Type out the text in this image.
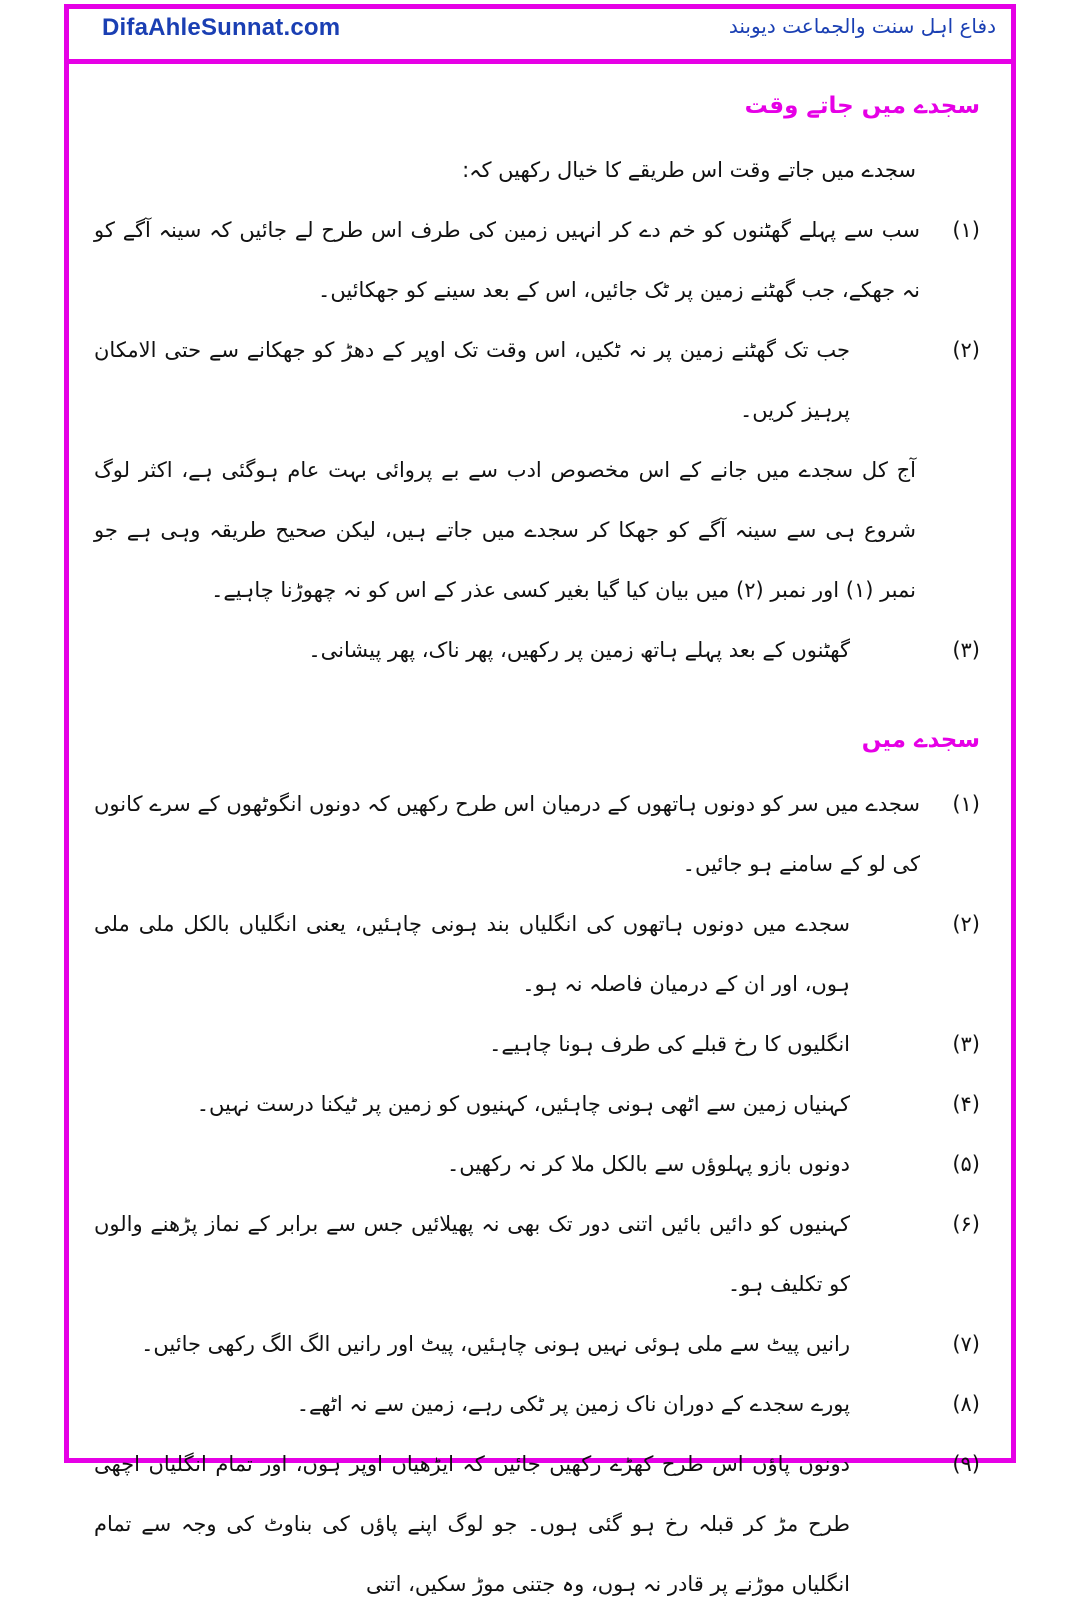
DifaAhleSunnat.com	دفاع اہل سنت والجماعت دیوبند
سجدے میں جاتے وقت

سجدے میں جاتے وقت اس طریقے کا خیال رکھیں کہ:

(۱)
سب سے پہلے گھٹنوں کو خم دے کر انہیں زمین کی طرف اس طرح لے جائیں کہ سینہ آگے کو نہ جھکے، جب گھٹنے زمین پر ٹک جائیں، اس کے بعد سینے کو جھکائیں۔
(۲)
جب تک گھٹنے زمین پر نہ ٹکیں، اس وقت تک اوپر کے دھڑ کو جھکانے سے حتی الامکان پرہیز کریں۔

آج کل سجدے میں جانے کے اس مخصوص ادب سے بے پروائی بہت عام ہوگئی ہے، اکثر لوگ شروع ہی سے سینہ آگے کو جھکا کر سجدے میں جاتے ہیں، لیکن صحیح طریقہ وہی ہے جو نمبر (۱) اور نمبر (۲) میں بیان کیا گیا بغیر کسی عذر کے اس کو نہ چھوڑنا چاہیے۔

(۳)
گھٹنوں کے بعد پہلے ہاتھ زمین پر رکھیں، پھر ناک، پھر پیشانی۔
سجدے میں
(۱)
سجدے میں سر کو دونوں ہاتھوں کے درمیان اس طرح رکھیں کہ دونوں انگوٹھوں کے سرے کانوں کی لو کے سامنے ہو جائیں۔
(۲)
سجدے میں دونوں ہاتھوں کی انگلیاں بند ہونی چاہئیں، یعنی انگلیاں بالکل ملی ملی ہوں، اور ان کے درمیان فاصلہ نہ ہو۔
(۳)
انگلیوں کا رخ قبلے کی طرف ہونا چاہیے۔
(۴)
کہنیاں زمین سے اٹھی ہونی چاہئیں، کہنیوں کو زمین پر ٹیکنا درست نہیں۔
(۵)
دونوں بازو پہلوؤں سے بالکل ملا کر نہ رکھیں۔
(۶)
کہنیوں کو دائیں بائیں اتنی دور تک بھی نہ پھیلائیں جس سے برابر کے نماز پڑھنے والوں کو تکلیف ہو۔
(۷)
رانیں پیٹ سے ملی ہوئی نہیں ہونی چاہئیں، پیٹ اور رانیں الگ الگ رکھی جائیں۔
(۸)
پورے سجدے کے دوران ناک زمین پر ٹکی رہے، زمین سے نہ اٹھے۔
(۹)
دونوں پاؤں اس طرح کھڑے رکھیں جائیں کہ ایڑھیاں اوپر ہوں، اور تمام انگلیاں اچھی طرح مڑ کر قبلہ رخ ہو گئی ہوں۔ جو لوگ اپنے پاؤں کی بناوٹ کی وجہ سے تمام انگلیاں موڑنے پر قادر نہ ہوں، وہ جتنی موڑ سکیں، اتنی
